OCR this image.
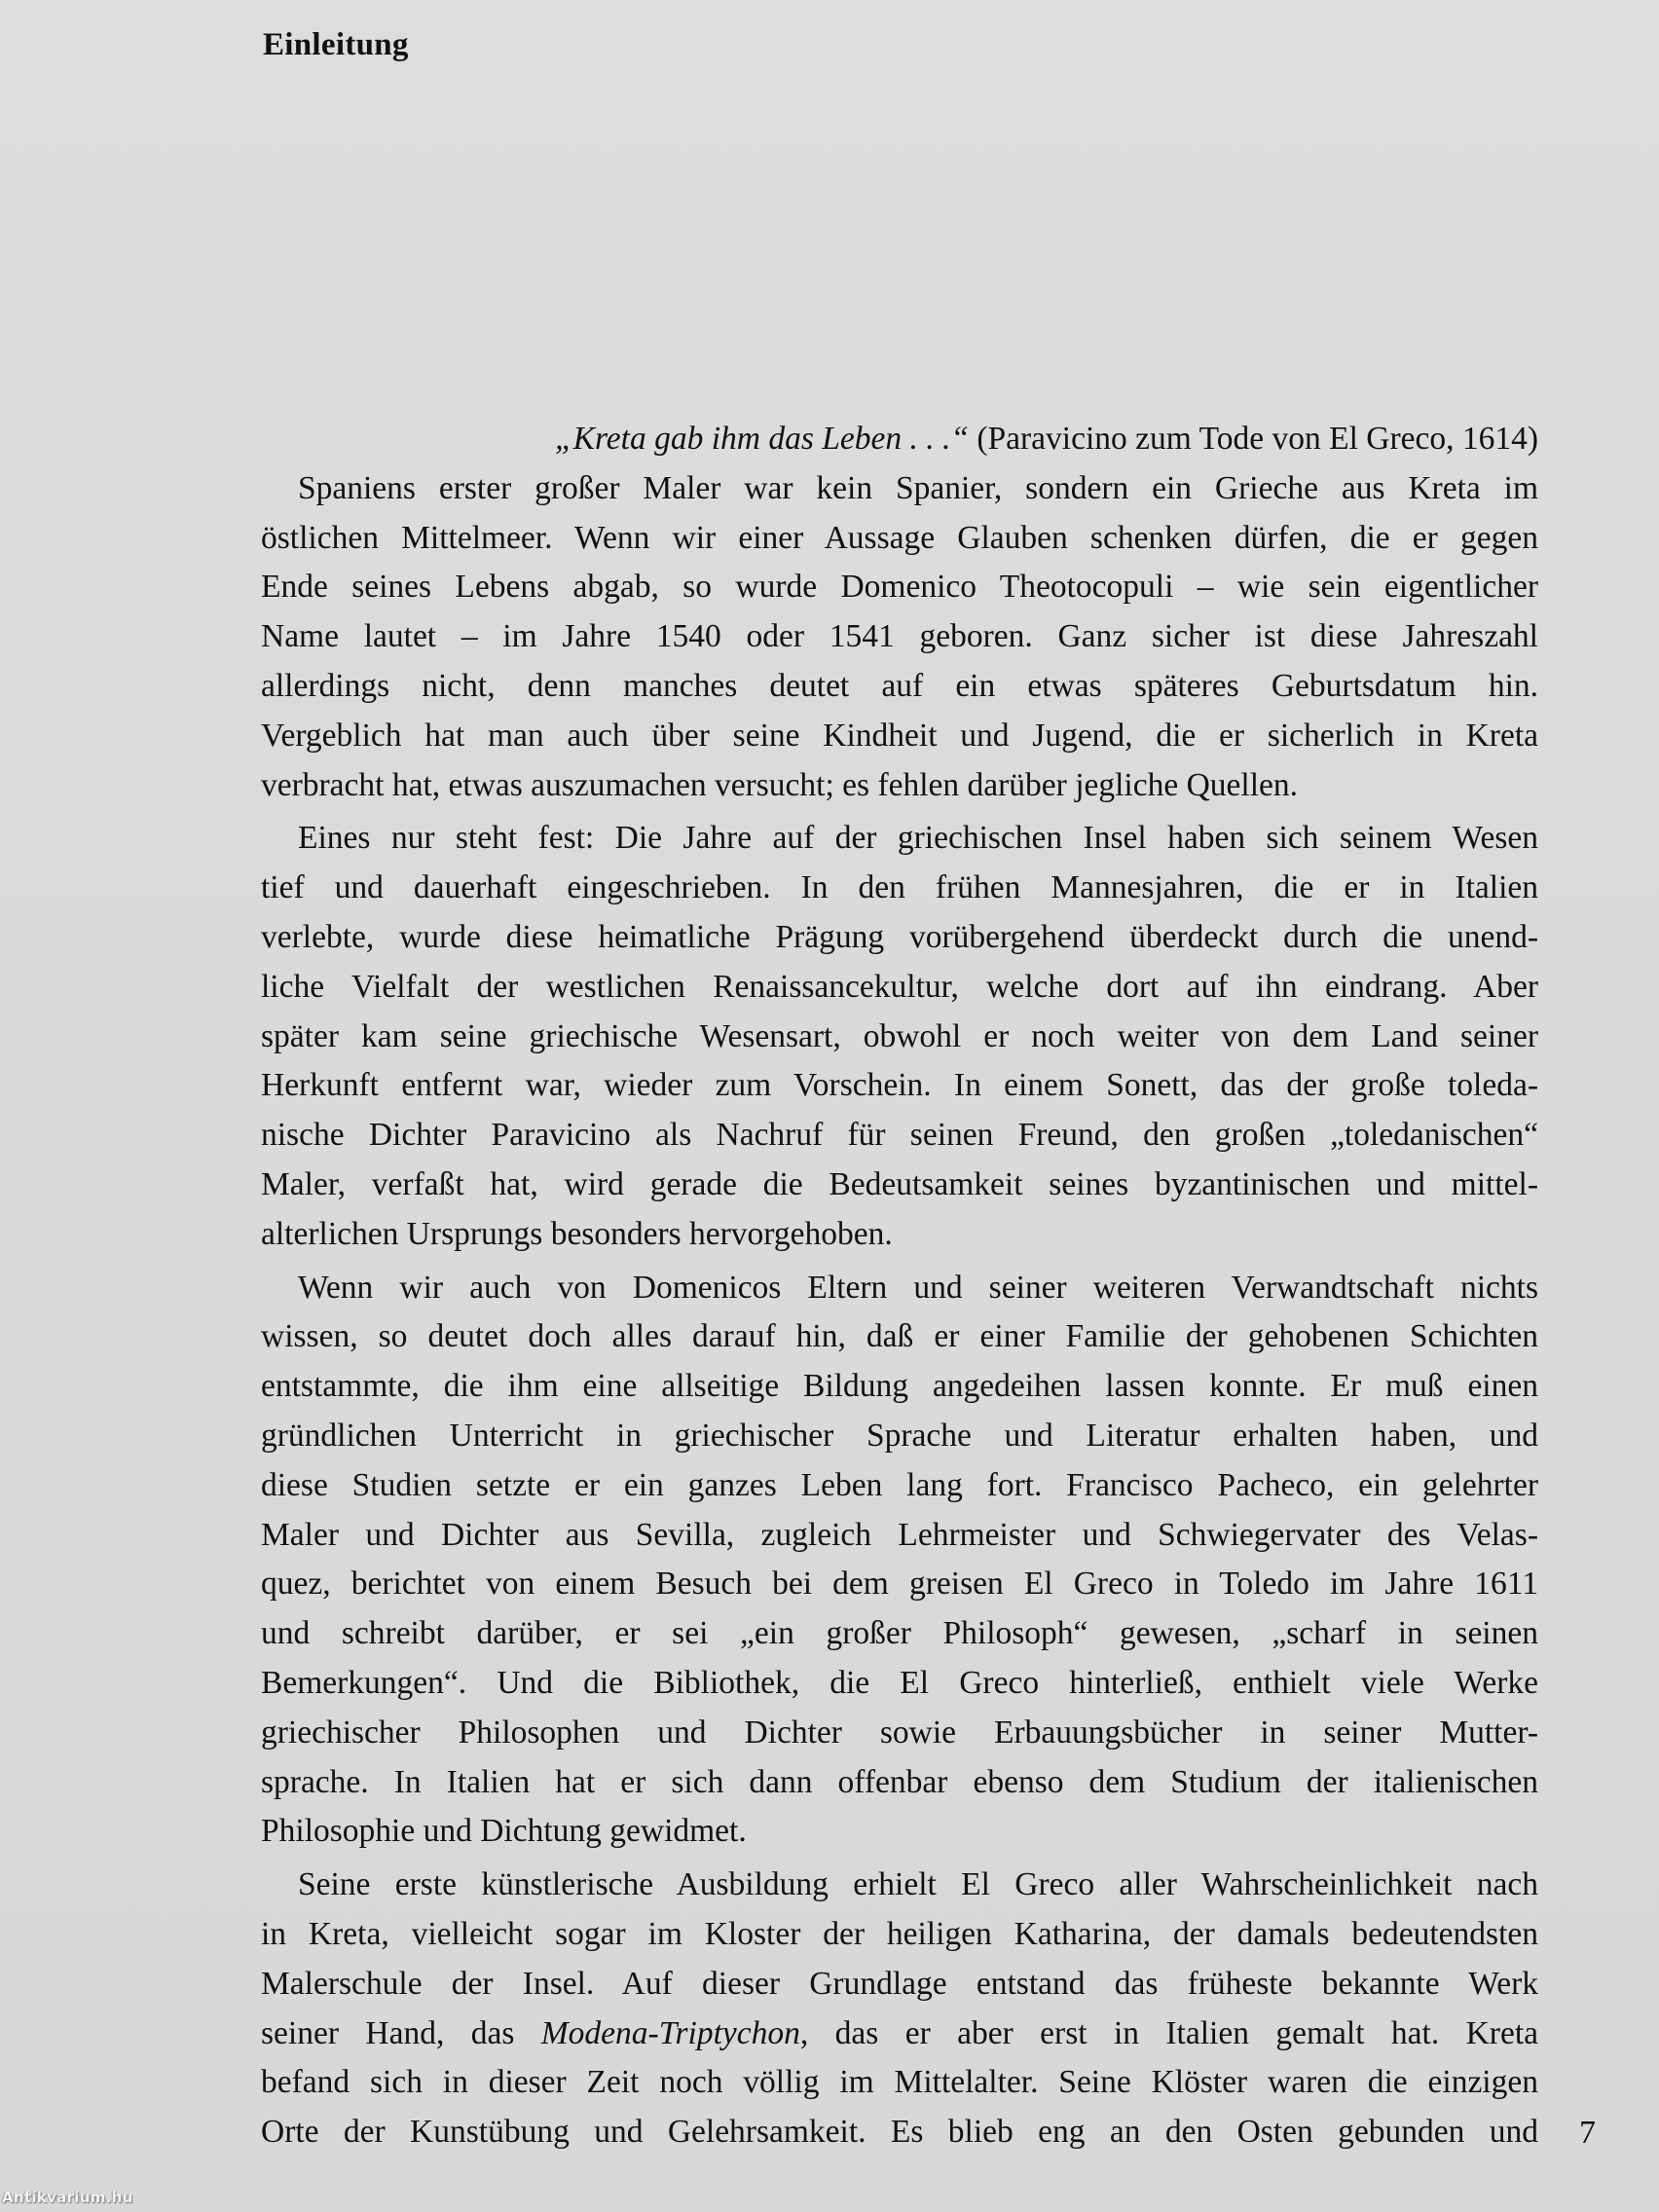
Einleitung

„Kreta gab ihm das Leben . . .“ (Paravicino zum Tode von El Greco, 1614)

Spaniens erster großer Maler war kein Spanier, sondern ein Grieche aus Kreta im
östlichen Mittelmeer. Wenn wir einer Aussage Glauben schenken dürfen, die er gegen
Ende seines Lebens abgab, so wurde Domenico Theotocopuli – wie sein eigentlicher
Name lautet – im Jahre 1540 oder 1541 geboren. Ganz sicher ist diese Jahreszahl
allerdings nicht, denn manches deutet auf ein etwas späteres Geburtsdatum hin.
Vergeblich hat man auch über seine Kindheit und Jugend, die er sicherlich in Kreta
verbracht hat, etwas auszumachen versucht; es fehlen darüber jegliche Quellen.
Eines nur steht fest: Die Jahre auf der griechischen Insel haben sich seinem Wesen
tief und dauerhaft eingeschrieben. In den frühen Mannesjahren, die er in Italien
verlebte, wurde diese heimatliche Prägung vorübergehend überdeckt durch die unend-
liche Vielfalt der westlichen Renaissancekultur, welche dort auf ihn eindrang. Aber
später kam seine griechische Wesensart, obwohl er noch weiter von dem Land seiner
Herkunft entfernt war, wieder zum Vorschein. In einem Sonett, das der große toleda-
nische Dichter Paravicino als Nachruf für seinen Freund, den großen „toledanischen“
Maler, verfaßt hat, wird gerade die Bedeutsamkeit seines byzantinischen und mittel-
alterlichen Ursprungs besonders hervorgehoben.
Wenn wir auch von Domenicos Eltern und seiner weiteren Verwandtschaft nichts
wissen, so deutet doch alles darauf hin, daß er einer Familie der gehobenen Schichten
entstammte, die ihm eine allseitige Bildung angedeihen lassen konnte. Er muß einen
gründlichen Unterricht in griechischer Sprache und Literatur erhalten haben, und
diese Studien setzte er ein ganzes Leben lang fort. Francisco Pacheco, ein gelehrter
Maler und Dichter aus Sevilla, zugleich Lehrmeister und Schwiegervater des Velas-
quez, berichtet von einem Besuch bei dem greisen El Greco in Toledo im Jahre 1611
und schreibt darüber, er sei „ein großer Philosoph“ gewesen, „scharf in seinen
Bemerkungen“. Und die Bibliothek, die El Greco hinterließ, enthielt viele Werke
griechischer Philosophen und Dichter sowie Erbauungsbücher in seiner Mutter-
sprache. In Italien hat er sich dann offenbar ebenso dem Studium der italienischen
Philosophie und Dichtung gewidmet.
Seine erste künstlerische Ausbildung erhielt El Greco aller Wahrscheinlichkeit nach
in Kreta, vielleicht sogar im Kloster der heiligen Katharina, der damals bedeutendsten
Malerschule der Insel. Auf dieser Grundlage entstand das früheste bekannte Werk
seiner Hand, das Modena-Triptychon, das er aber erst in Italien gemalt hat. Kreta
befand sich in dieser Zeit noch völlig im Mittelalter. Seine Klöster waren die einzigen
Orte der Kunstübung und Gelehrsamkeit. Es blieb eng an den Osten gebunden und 7
Antikvarium.hu
